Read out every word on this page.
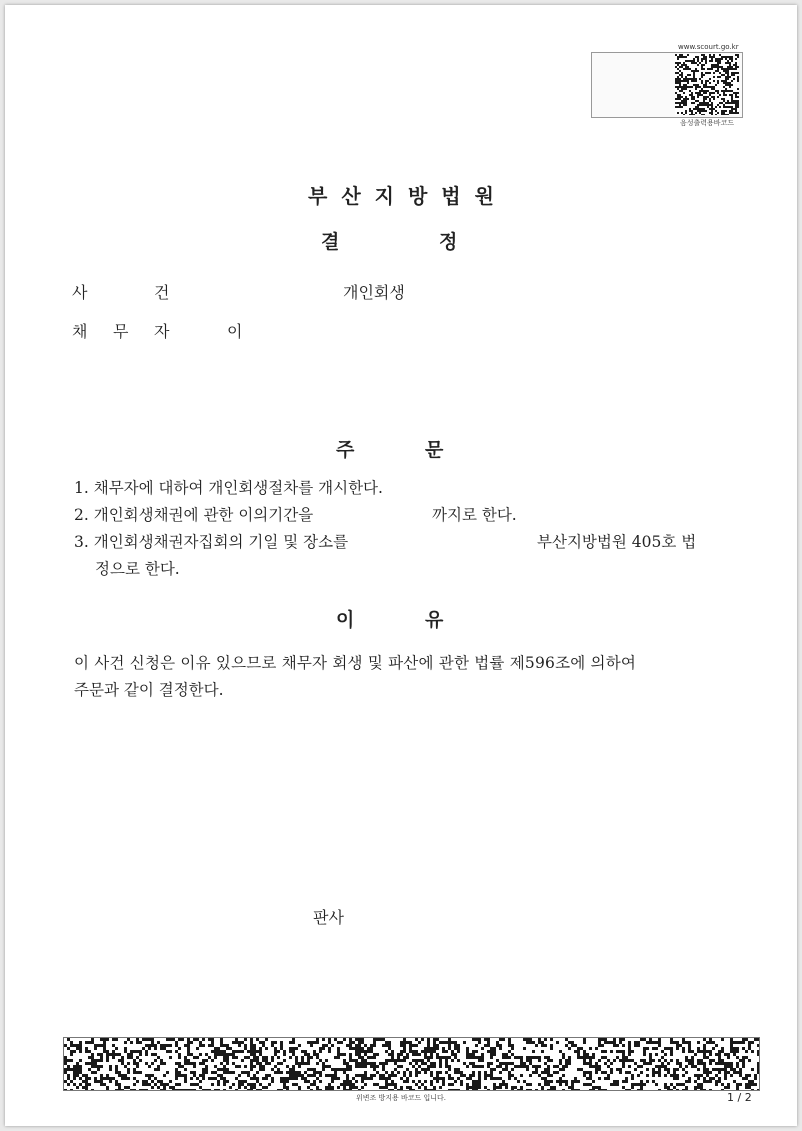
www.scourt.go.kr
음성출력용바코드
부산지방법원
결	정
사	건	개인회생
채 무 자	이
주	문
1. 채무자에 대하여 개인회생절차를 개시한다.
2. 개인회생채권에 관한 이의기간을	까지로 한다.
3. 개인회생채권자집회의 기일 및 장소를	부산지방법원 405호 법
정으로 한다.
이	유
이 사건 신청은 이유 있으므로 채무자 회생 및 파산에 관한 법률 제596조에 의하여
주문과 같이 결정한다.
판사
위변조 방지용 바코드 입니다.	1 / 2
